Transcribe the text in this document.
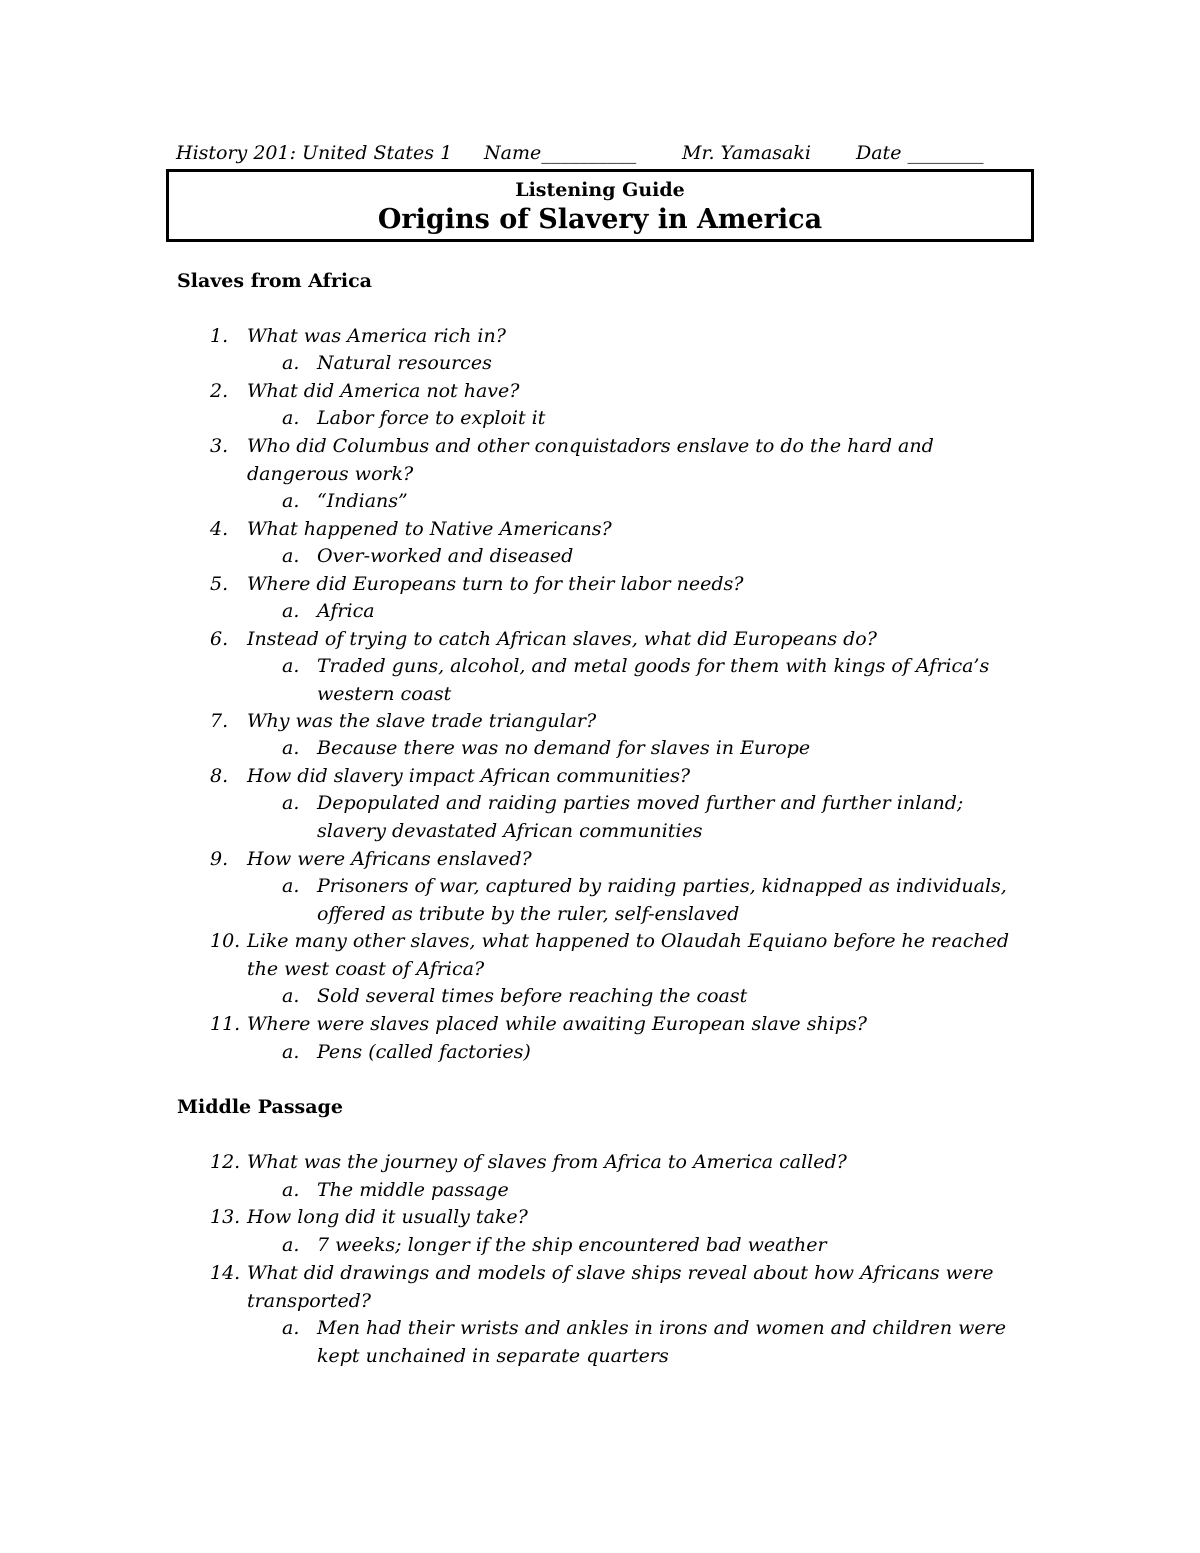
History 201: United States 1 Name__________ Mr. Yamasaki Date ________
Listening Guide
Origins of Slavery in America
Slaves from Africa
1. What was America rich in?
a. Natural resources
2. What did America not have?
a. Labor force to exploit it
3. Who did Columbus and other conquistadors enslave to do the hard and dangerous work?
a. “Indians”
4. What happened to Native Americans?
a. Over-worked and diseased
5. Where did Europeans turn to for their labor needs?
a. Africa
6. Instead of trying to catch African slaves, what did Europeans do?
a. Traded guns, alcohol, and metal goods for them with kings of Africa’s western coast
7. Why was the slave trade triangular?
a. Because there was no demand for slaves in Europe
8. How did slavery impact African communities?
a. Depopulated and raiding parties moved further and further inland; slavery devastated African communities
9. How were Africans enslaved?
a. Prisoners of war, captured by raiding parties, kidnapped as individuals, offered as tribute by the ruler, self-enslaved
10. Like many other slaves, what happened to Olaudah Equiano before he reached the west coast of Africa?
a. Sold several times before reaching the coast
11. Where were slaves placed while awaiting European slave ships?
a. Pens (called factories)
Middle Passage
12. What was the journey of slaves from Africa to America called?
a. The middle passage
13. How long did it usually take?
a. 7 weeks; longer if the ship encountered bad weather
14. What did drawings and models of slave ships reveal about how Africans were transported?
a. Men had their wrists and ankles in irons and women and children were kept unchained in separate quarters
